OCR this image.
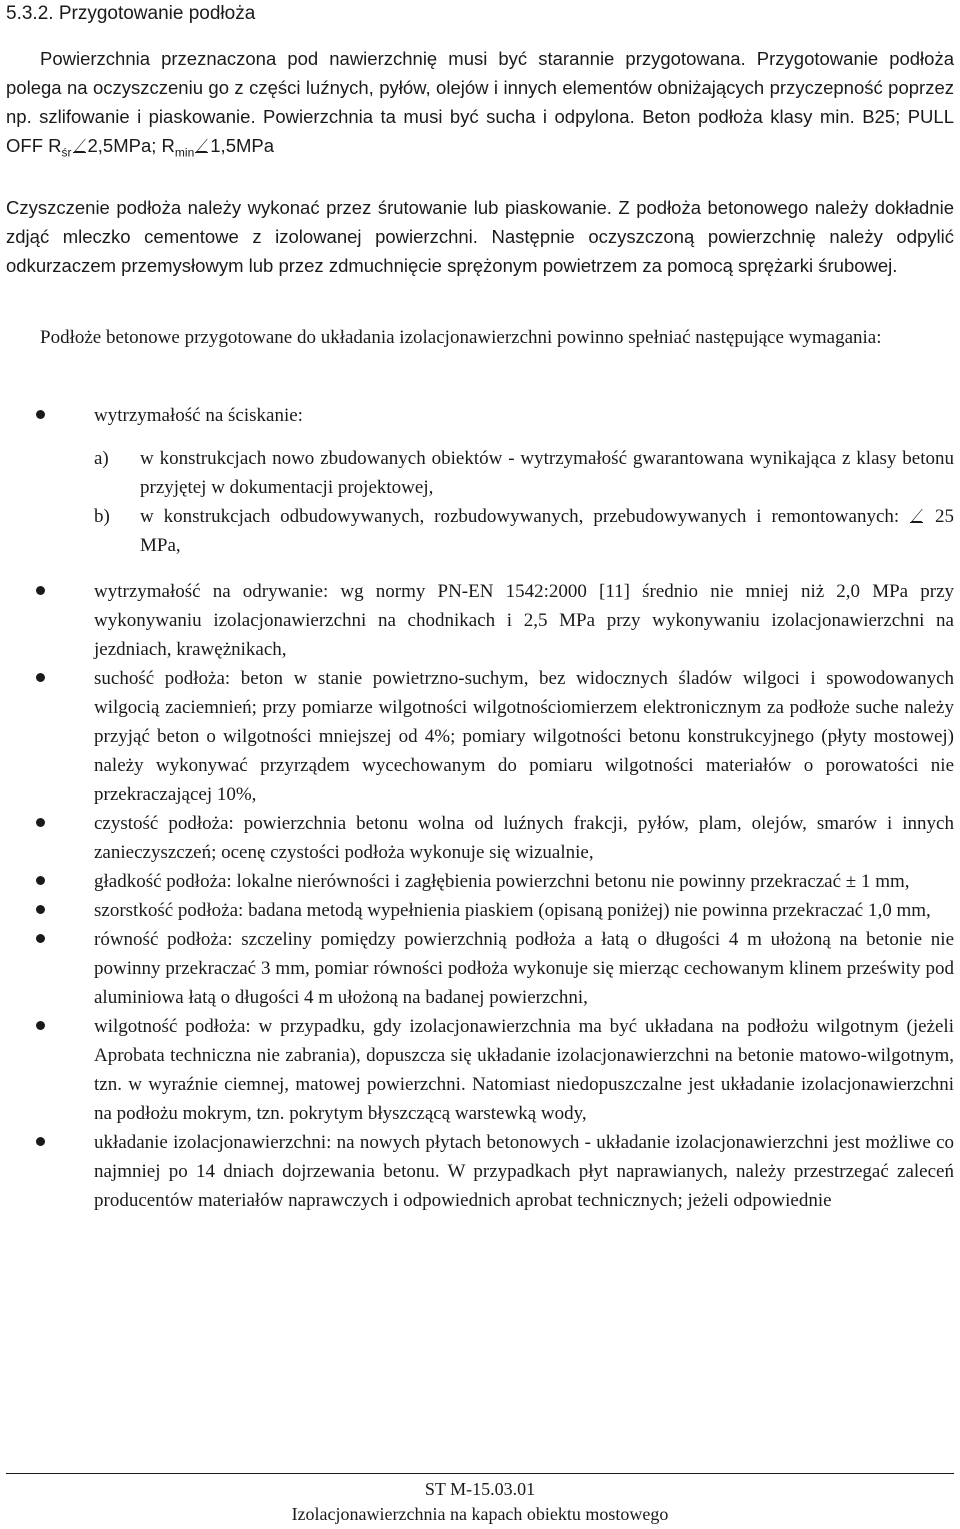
5.3.2. Przygotowanie podłoża

Powierzchnia przeznaczona pod nawierzchnię musi być starannie przygotowana. Przygotowanie podłoża polega na oczyszczeniu go z części luźnych, pyłów, olejów i innych elementów obniżających przyczepność poprzez np. szlifowanie i piaskowanie. Powierzchnia ta musi być sucha i odpylona. Beton podłoża klasy min. B25; PULL OFF $R_{śr}$ 2,5MPa; $R_{min}$ 1,5MPa

Czyszczenie podłoża należy wykonać przez śrutowanie lub piaskowanie. Z podłoża betonowego należy dokładnie zdjąć mleczko cementowe z izolowanej powierzchni. Następnie oczyszczoną powierzchnię należy odpylić odkurzaczem przemysłowym lub przez zdmuchnięcie sprężonym powietrzem za pomocą sprężarki śrubowej.

Podłoże betonowe przygotowane do układania izolacjonawierzchni powinno spełniać następujące wymagania:

wytrzymałość na ściskanie:

a) w konstrukcjach nowo zbudowanych obiektów - wytrzymałość gwarantowana wynikająca z klasy betonu przyjętej w dokumentacji projektowej,

b) w konstrukcjach odbudowywanych, rozbudowywanych, przebudowywanych i remontowanych: 25 MPa,

wytrzymałość na odrywanie: wg normy PN-EN 1542:2000 [11] średnio nie mniej niż 2,0 MPa przy wykonywaniu izolacjonawierzchni na chodnikach i 2,5 MPa przy wykonywaniu izolacjonawierzchni na jezdniach, krawężnikach,

suchość podłoża: beton w stanie powietrzno-suchym, bez widocznych śladów wilgoci i spowodowanych wilgocią zaciemnień; przy pomiarze wilgotności wilgotnościomierzem elektronicznym za podłoże suche należy przyjąć beton o wilgotności mniejszej od 4%; pomiary wilgotności betonu konstrukcyjnego (płyty mostowej) należy wykonywać przyrządem wycechowanym do pomiaru wilgotności materiałów o porowatości nie przekraczającej 10%,

czystość podłoża: powierzchnia betonu wolna od luźnych frakcji, pyłów, plam, olejów, smarów i innych zanieczyszczeń; ocenę czystości podłoża wykonuje się wizualnie,

gładkość podłoża: lokalne nierówności i zagłębienia powierzchni betonu nie powinny przekraczać ± 1 mm,

szorstkość podłoża: badana metodą wypełnienia piaskiem (opisaną poniżej) nie powinna przekraczać 1,0 mm,

równość podłoża: szczeliny pomiędzy powierzchnią podłoża a łatą o długości 4 m ułożoną na betonie nie powinny przekraczać 3 mm, pomiar równości podłoża wykonuje się mierząc cechowanym klinem prześwity pod aluminiowa łatą o długości 4 m ułożoną na badanej powierzchni,

wilgotność podłoża: w przypadku, gdy izolacjonawierzchnia ma być układana na podłożu wilgotnym (jeżeli Aprobata techniczna nie zabrania), dopuszcza się układanie izolacjonawierzchni na betonie matowo-wilgotnym, tzn. w wyraźnie ciemnej, matowej powierzchni. Natomiast niedopuszczalne jest układanie izolacjonawierzchni na podłożu mokrym, tzn. pokrytym błyszczącą warstewką wody,

układanie izolacjonawierzchni: na nowych płytach betonowych - układanie izolacjonawierzchni jest możliwe co najmniej po 14 dniach dojrzewania betonu. W przypadkach płyt naprawianych, należy przestrzegać zaleceń producentów materiałów naprawczych i odpowiednich aprobat technicznych; jeżeli odpowiednie

ST M-15.03.01

Izolacjonawierzchnia na kapach obiektu mostowego
